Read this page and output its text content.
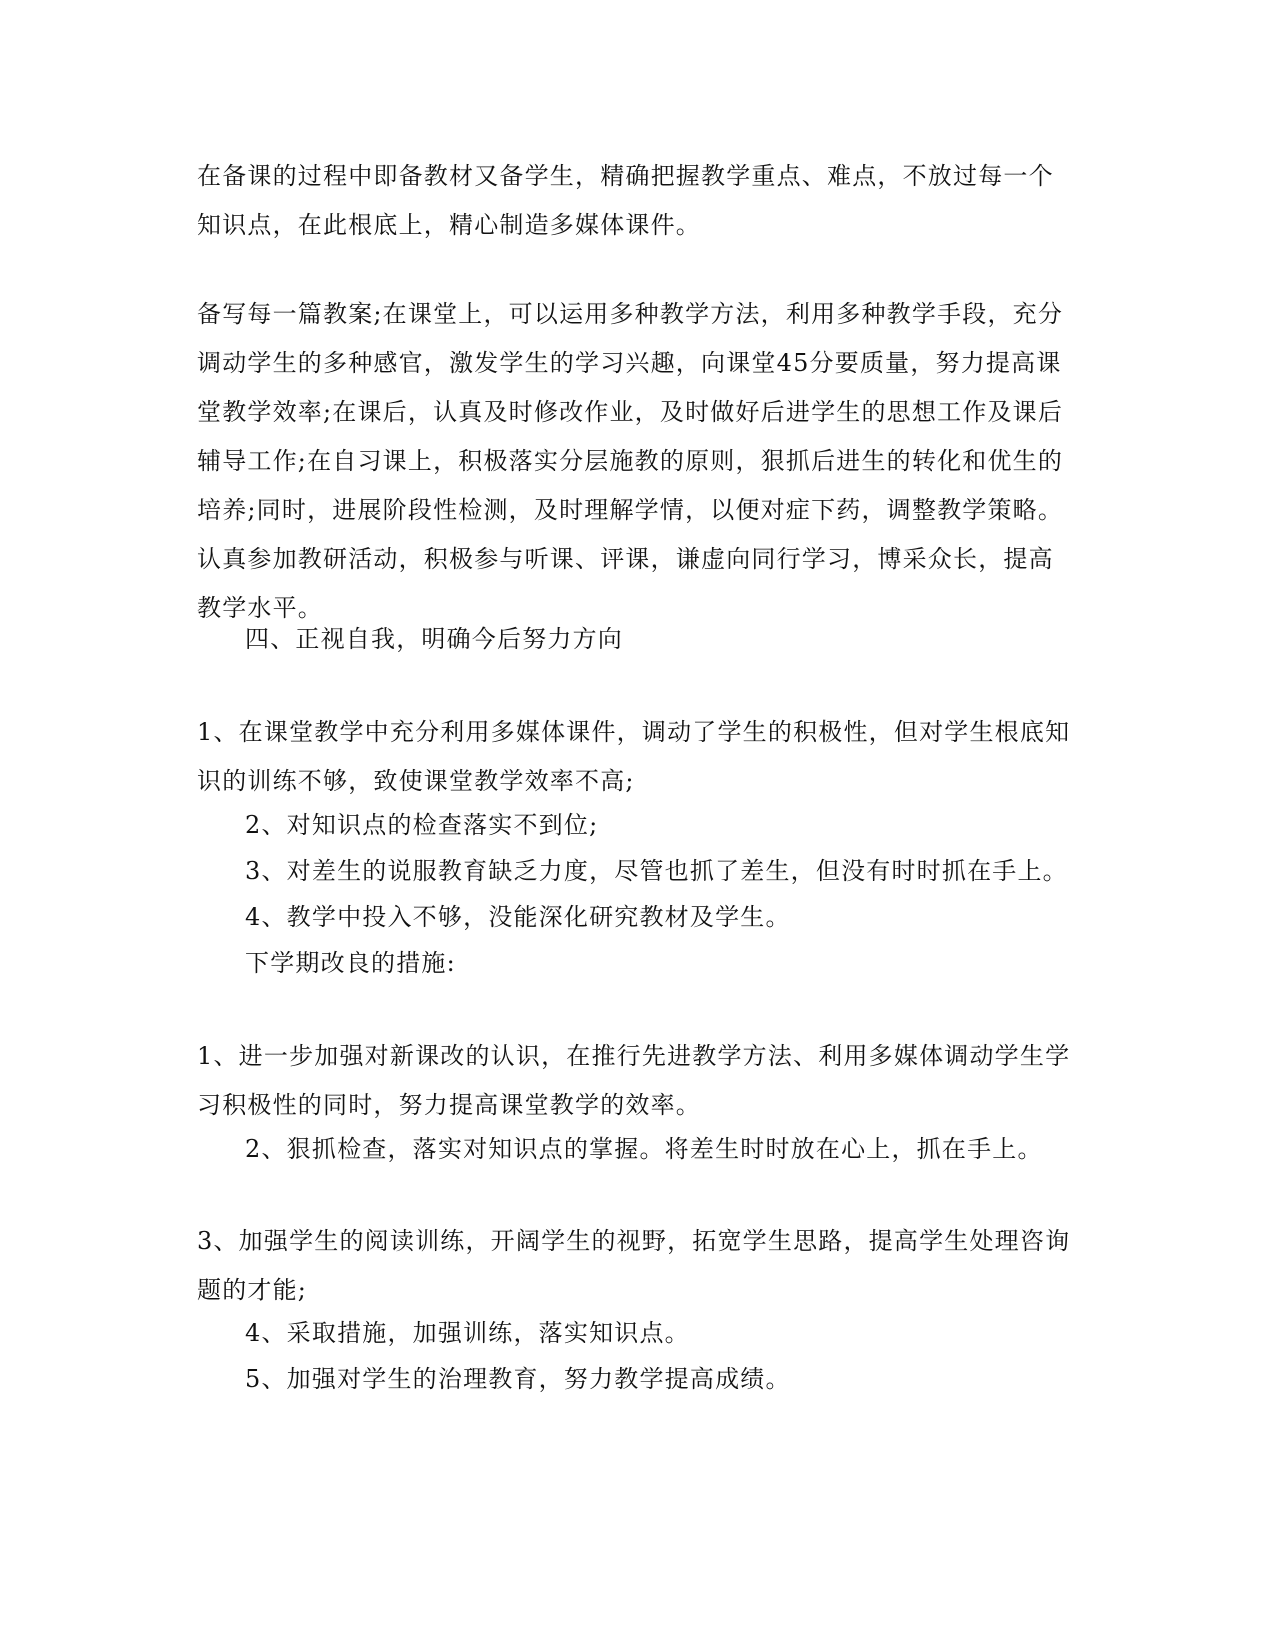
在备课的过程中即备教材又备学生，精确把握教学重点、难点，不放过每一个知识点，在此根底上，精心制造多媒体课件。

备写每一篇教案;在课堂上，可以运用多种教学方法，利用多种教学手段，充分调动学生的多种感官，激发学生的学习兴趣，向课堂45分要质量，努力提高课堂教学效率;在课后，认真及时修改作业，及时做好后进学生的思想工作及课后辅导工作;在自习课上，积极落实分层施教的原则，狠抓后进生的转化和优生的培养;同时，进展阶段性检测，及时理解学情，以便对症下药，调整教学策略。认真参加教研活动，积极参与听课、评课，谦虚向同行学习，博采众长，提高教学水平。

四、正视自我，明确今后努力方向

1、在课堂教学中充分利用多媒体课件，调动了学生的积极性，但对学生根底知识的训练不够，致使课堂教学效率不高;

2、对知识点的检查落实不到位;

3、对差生的说服教育缺乏力度，尽管也抓了差生，但没有时时抓在手上。

4、教学中投入不够，没能深化研究教材及学生。

下学期改良的措施:

1、进一步加强对新课改的认识，在推行先进教学方法、利用多媒体调动学生学习积极性的同时，努力提高课堂教学的效率。

2、狠抓检查，落实对知识点的掌握。将差生时时放在心上，抓在手上。

3、加强学生的阅读训练，开阔学生的视野，拓宽学生思路，提高学生处理咨询题的才能;

4、采取措施，加强训练，落实知识点。

5、加强对学生的治理教育，努力教学提高成绩。
